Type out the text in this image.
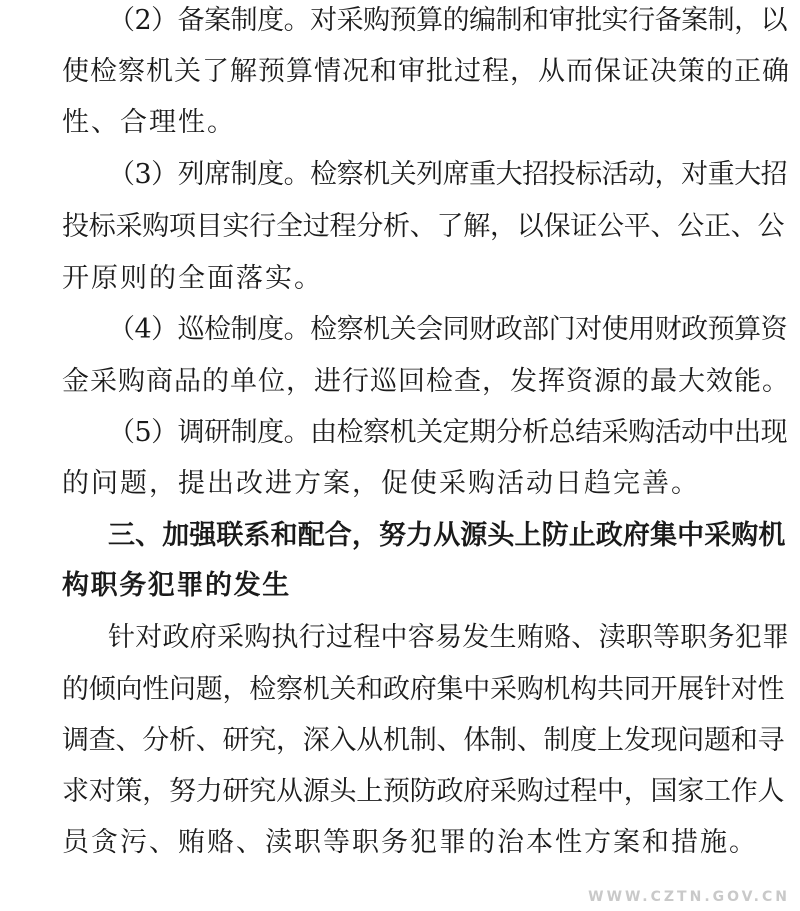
（2）备案制度。对采购预算的编制和审批实行备案制，以
使检察机关了解预算情况和审批过程，从而保证决策的正确
性、合理性。
（3）列席制度。检察机关列席重大招投标活动，对重大招
投标采购项目实行全过程分析、了解，以保证公平、公正、公
开原则的全面落实。
（4）巡检制度。检察机关会同财政部门对使用财政预算资
金采购商品的单位，进行巡回检查，发挥资源的最大效能。
（5）调研制度。由检察机关定期分析总结采购活动中出现
的问题，提出改进方案，促使采购活动日趋完善。
三、加强联系和配合，努力从源头上防止政府集中采购机
构职务犯罪的发生
针对政府采购执行过程中容易发生贿赂、渎职等职务犯罪
的倾向性问题，检察机关和政府集中采购机构共同开展针对性
调查、分析、研究，深入从机制、体制、制度上发现问题和寻
求对策，努力研究从源头上预防政府采购过程中，国家工作人
员贪污、贿赂、渎职等职务犯罪的治本性方案和措施。
WWW.CZTN.GOV.CN
